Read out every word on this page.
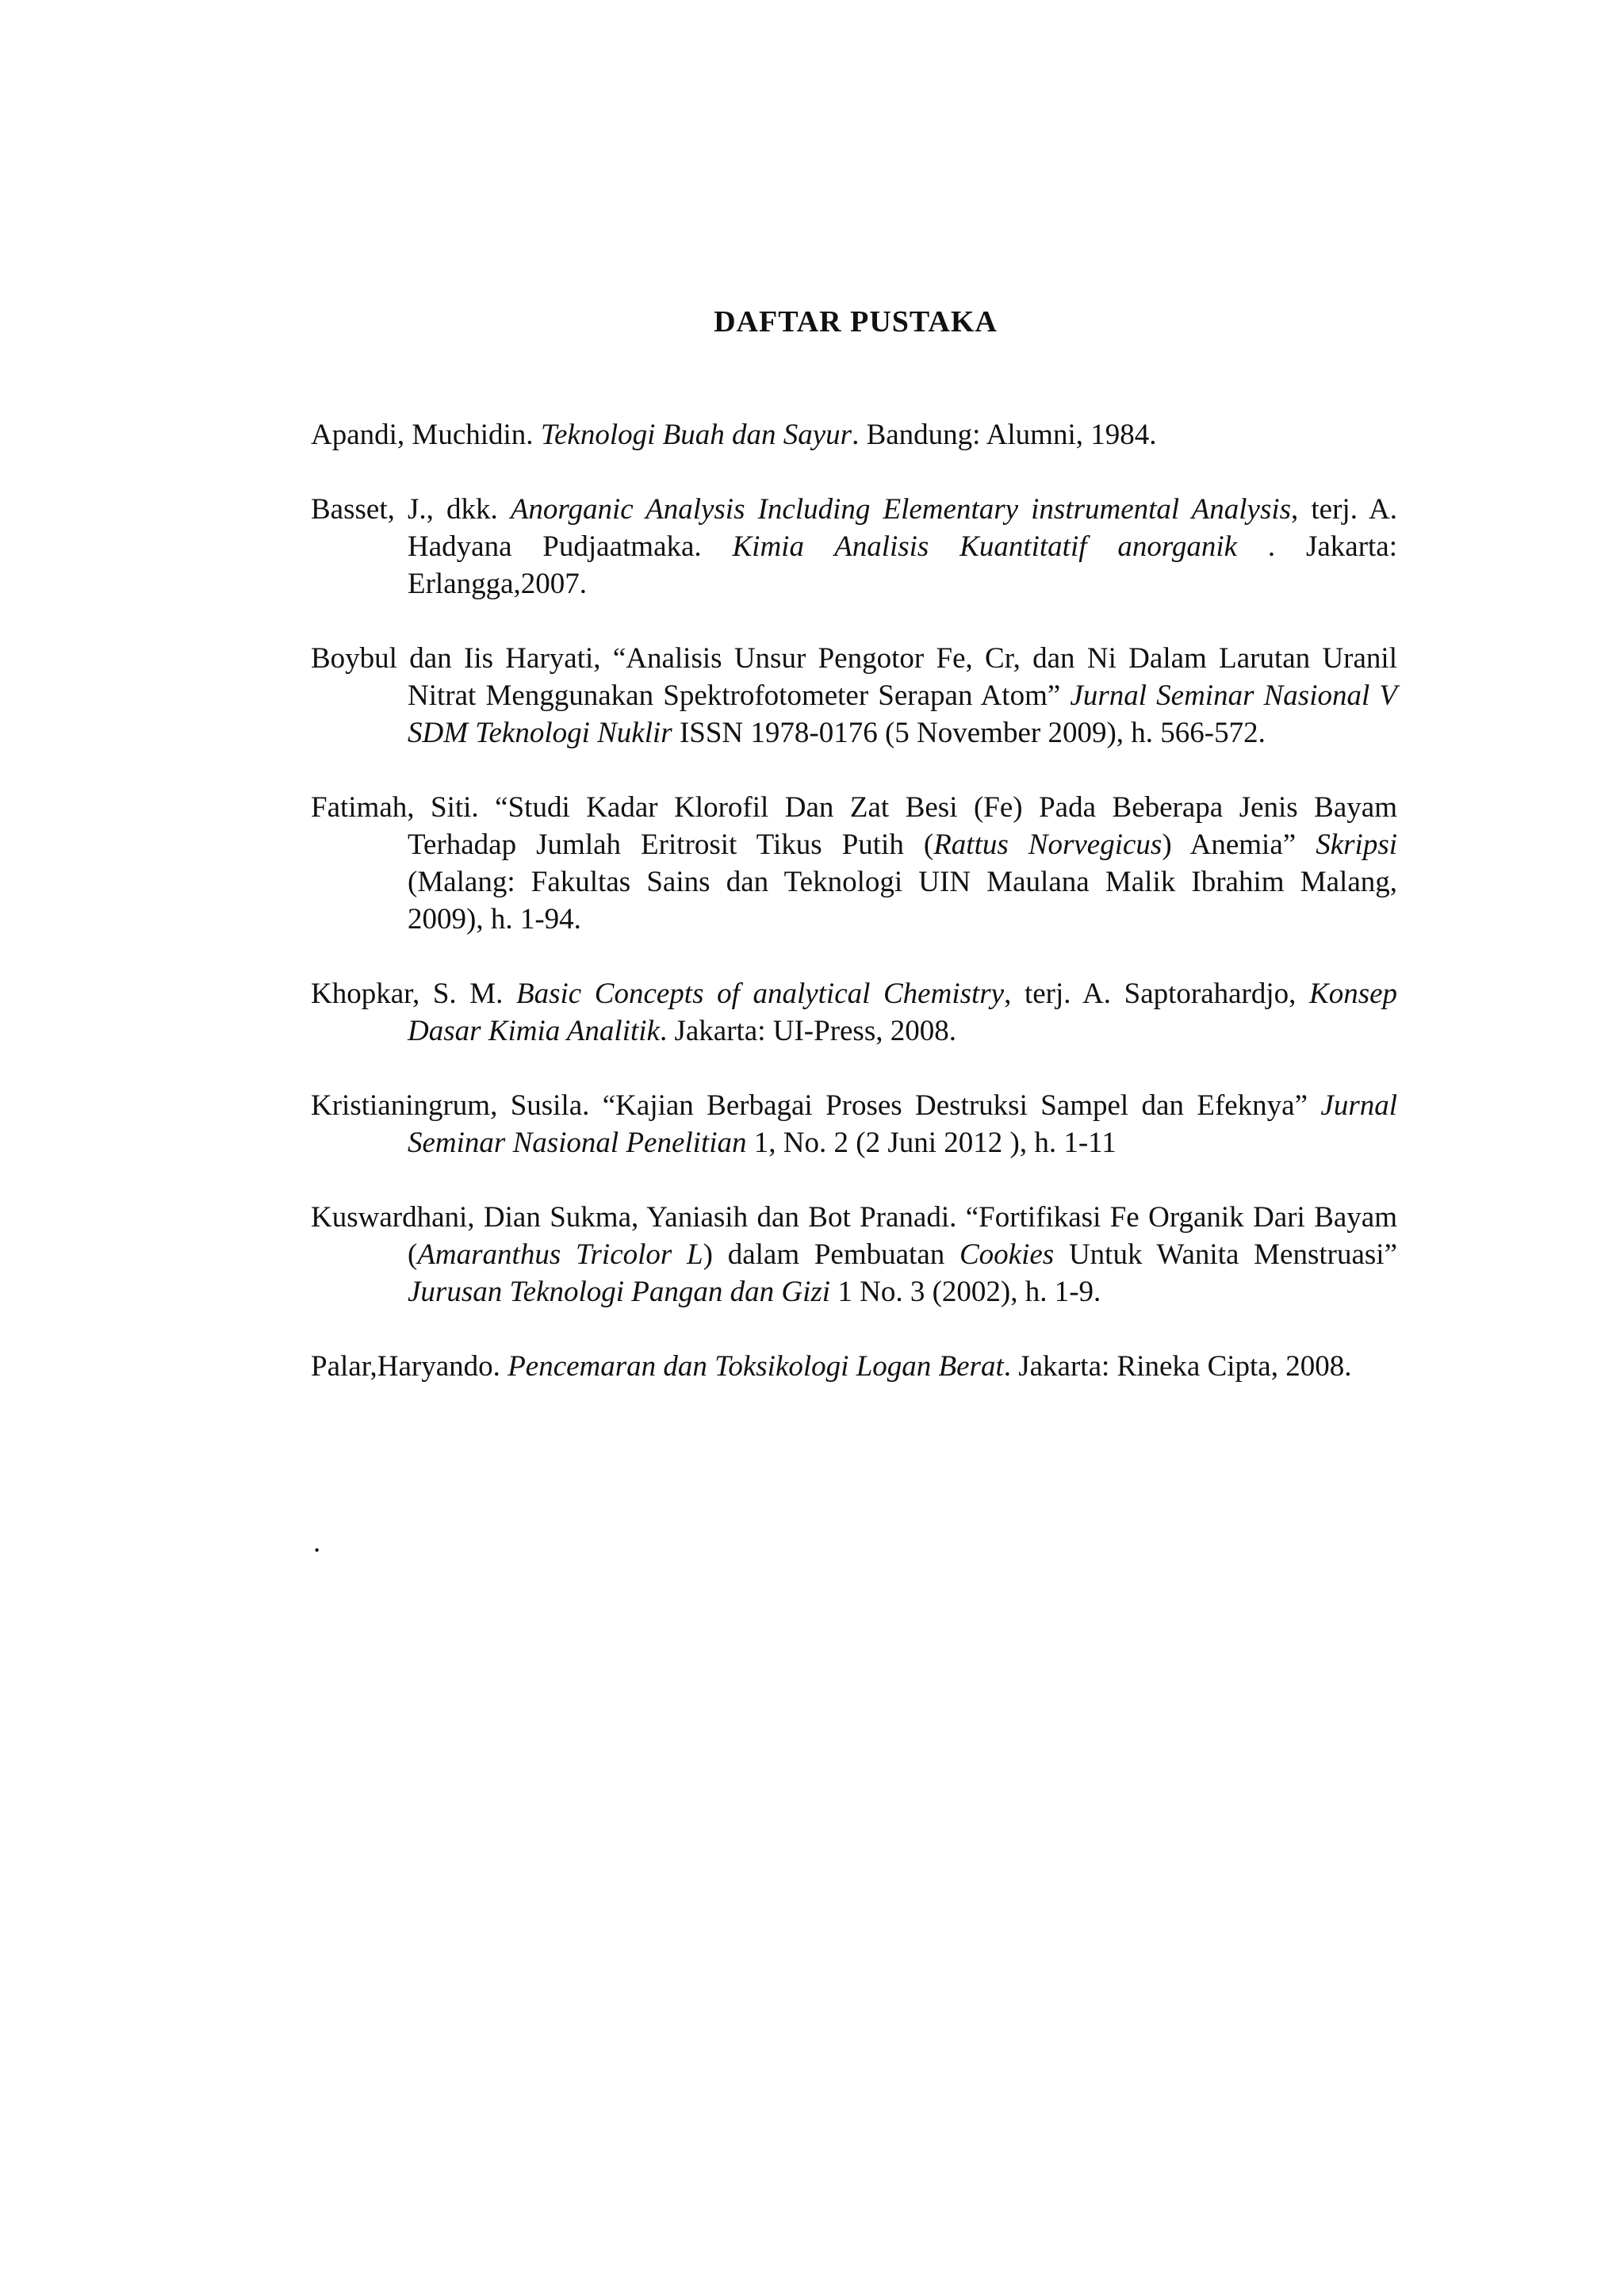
DAFTAR PUSTAKA
Apandi, Muchidin. Teknologi Buah dan Sayur. Bandung: Alumni, 1984.
Basset, J., dkk. Anorganic Analysis Including Elementary instrumental Analysis, terj. A. Hadyana Pudjaatmaka. Kimia Analisis Kuantitatif anorganik . Jakarta: Erlangga,2007.
Boybul dan Iis Haryati, “Analisis Unsur Pengotor Fe, Cr, dan Ni Dalam Larutan Uranil Nitrat Menggunakan Spektrofotometer Serapan Atom” Jurnal Seminar Nasional V SDM Teknologi Nuklir ISSN 1978-0176 (5 November 2009), h. 566-572.
Fatimah, Siti. “Studi Kadar Klorofil Dan Zat Besi (Fe) Pada Beberapa Jenis Bayam Terhadap Jumlah Eritrosit Tikus Putih (Rattus Norvegicus) Anemia” Skripsi (Malang: Fakultas Sains dan Teknologi UIN Maulana Malik Ibrahim Malang, 2009), h. 1-94.
Khopkar, S. M. Basic Concepts of analytical Chemistry, terj. A. Saptorahardjo, Konsep Dasar Kimia Analitik. Jakarta: UI-Press, 2008.
Kristianingrum, Susila. “Kajian Berbagai Proses Destruksi Sampel dan Efeknya” Jurnal Seminar Nasional Penelitian 1, No. 2 (2 Juni 2012 ), h. 1-11
Kuswardhani, Dian Sukma, Yaniasih dan Bot Pranadi. “Fortifikasi Fe Organik Dari Bayam (Amaranthus Tricolor L) dalam Pembuatan Cookies Untuk Wanita Menstruasi” Jurusan Teknologi Pangan dan Gizi 1 No. 3 (2002), h. 1-9.
Palar,Haryando. Pencemaran dan Toksikologi Logan Berat. Jakarta: Rineka Cipta, 2008.
.
